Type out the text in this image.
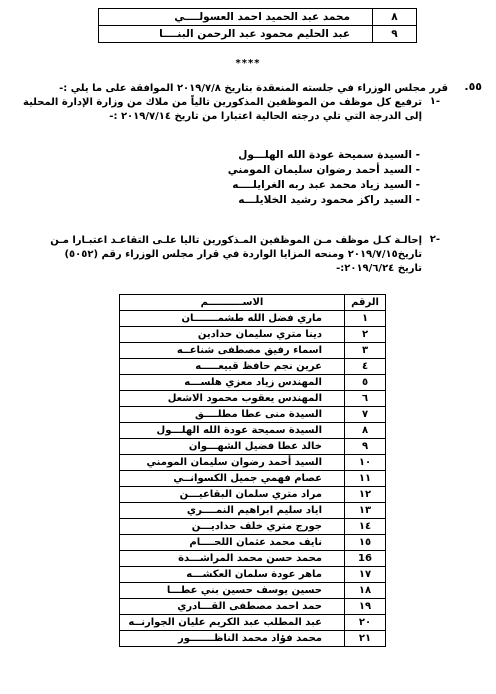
٨	محمد عبد الحميد احمد العسولــــي
٩	عبد الحليم محمود عبد الرحمن البنــــا
****
٥٥.
قرر مجلس الوزراء في جلسته المنعقدة بتاريخ ٢٠١٩/٧/٨ الموافقة على ما يلي :-
-١
ترفيع كل موظف من الموظفين المذكورين تالياً من ملاك من وزارة الإدارة المحلية
إلى الدرجة التي تلي درجته الحالية اعتبارا من تاريخ ٢٠١٩/٧/١٤ :-
- السيدة سميحة عودة الله الهلـــول
- السيد أحمد رضوان سليمان المومني
- السيد زياد محمد عبد ربه الغرايلــــه
- السيد راكز محمود رشيد الخلايلـــه
-٢
إحالـة كـل موظف مـن الموظفين المـذكورين تاليا علـى التقاعـد اعتبـارا مـن
تاريخ٢٠١٩/٧/١٥ ومنحه المزايا الواردة في قرار مجلس الوزراء رقم (٥٠٥٢)
تاريخ ٢٠١٩/٦/٢٤:-
الرقم	الاســــــــــم
١	ماري فضل الله طشمـــــــان
٢	دينا متري سليمان حدادين
٣	اسماء رفيق مصطفى شناعــه
٤	عرين نجم حافظ قبيعـــــه
٥	المهندس زياد معزي هلســـه
٦	المهندس يعقوب محمود الاشعل
٧	السيدة منى عطا مطلــــق
٨	السيدة سميحة عودة الله الهلـــول
٩	خالد عطا فضيل الشهـــوان
١٠	السيد أحمد رضوان سليمان المومني
١١	عصام فهمي جميل الكسوانــي
١٢	مراد متري سلمان البقاعيـــن
١٣	اياد سليم ابراهيم النمــــري
١٤	جورج متري خلف حداديـــن
١٥	نايف محمد عثمان اللحــــام
16	محمد حسن محمد المراشـــدة
١٧	ماهر عودة سلمان العكشـــه
١٨	حسين يوسف حسين بني عطـــا
١٩	حمد احمد مصطفى القـــادري
٢٠	عبد المطلب عبد الكريم عليان الجوارنــه
٢١	محمد فؤاد محمد الناظـــــــور
